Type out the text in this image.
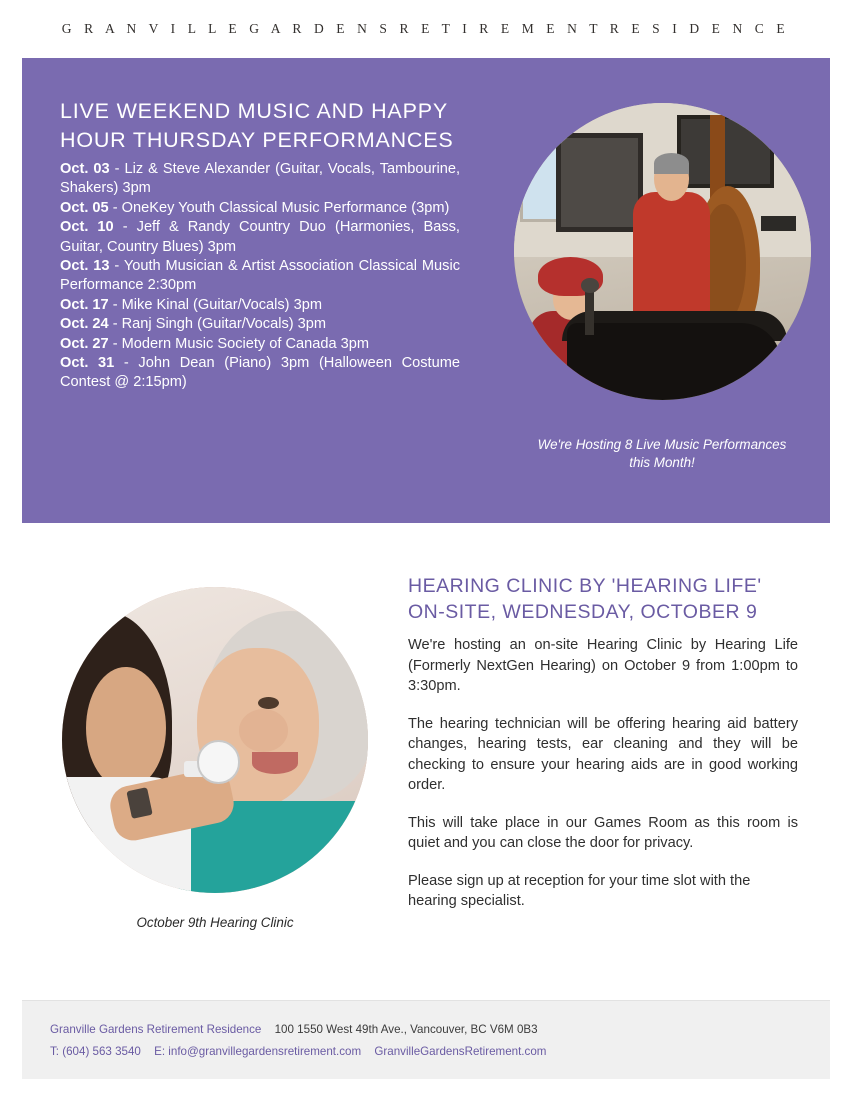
G R A N V I L L E G A R D E N S R E T I R E M E N T R E S I D E N C E
LIVE WEEKEND MUSIC AND HAPPY
HOUR THURSDAY PERFORMANCES
Oct. 03 - Liz & Steve Alexander (Guitar, Vocals, Tambourine, Shakers) 3pm
Oct. 05 - OneKey Youth Classical Music Performance (3pm)
Oct. 10 - Jeff & Randy Country Duo (Harmonies, Bass, Guitar, Country Blues) 3pm
Oct. 13 - Youth Musician & Artist Association Classical Music Performance 2:30pm
Oct. 17 - Mike Kinal (Guitar/Vocals) 3pm
Oct. 24 - Ranj Singh (Guitar/Vocals) 3pm
Oct. 27 - Modern Music Society of Canada 3pm
Oct. 31 - John Dean (Piano) 3pm (Halloween Costume Contest @ 2:15pm)
We're Hosting 8 Live Music Performances
this Month!
October 9th Hearing Clinic
HEARING CLINIC BY 'HEARING LIFE'
ON-SITE, WEDNESDAY, OCTOBER 9

We're hosting an on-site Hearing Clinic by Hearing Life (Formerly NextGen Hearing) on October 9 from 1:00pm to 3:30pm.

The hearing technician will be offering hearing aid battery changes, hearing tests, ear cleaning and they will be checking to ensure your hearing aids are in good working order.

This will take place in our Games Room as this room is quiet and you can close the door for privacy.

Please sign up at reception for your time slot with the hearing specialist.

Granville Gardens Retirement Residence 100 1550 West 49th Ave., Vancouver, BC V6M 0B3
T: (604) 563 3540 E: info@granvillegardensretirement.com GranvilleGardensRetirement.com
